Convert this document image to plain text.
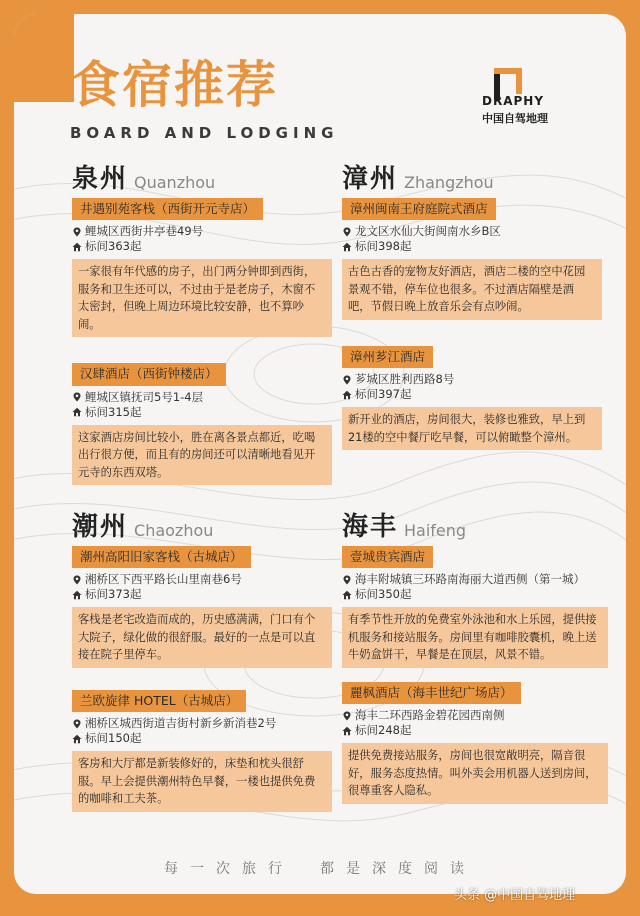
食宿推荐
BOARD AND LODGING
DRAPHY
中国自驾地理
泉州 Quanzhou
井遇别苑客栈（西街开元寺店）
鲤城区西街井亭巷49号
标间363起
一家很有年代感的房子，出门两分钟即到西街，服务和卫生还可以，不过由于是老房子，木窗不太密封，但晚上周边环境比较安静，也不算吵闹。
汉肆酒店（西街钟楼店）
鲤城区镇抚司5号1-4层
标间315起
这家酒店房间比较小，胜在离各景点都近，吃喝出行很方便，而且有的房间还可以清晰地看见开元寺的东西双塔。
漳州 Zhangzhou
漳州闽南王府庭院式酒店
龙文区水仙大街闽南水乡B区
标间398起
古色古香的宠物友好酒店，酒店二楼的空中花园景观不错，停车位也很多。不过酒店隔壁是酒吧，节假日晚上放音乐会有点吵闹。
漳州芗江酒店
芗城区胜利西路8号
标间397起
新开业的酒店，房间很大，装修也雅致，早上到21楼的空中餐厅吃早餐，可以俯瞰整个漳州。
潮州 Chaozhou
潮州高阳旧家客栈（古城店）
湘桥区下西平路长山里南巷6号
标间373起
客栈是老宅改造而成的，历史感满满，门口有个大院子，绿化做的很舒服。最好的一点是可以直接在院子里停车。
兰欧旋律 HOTEL（古城店）
湘桥区城西街道吉街村新乡新消巷2号
标间150起
客房和大厅都是新装修好的，床垫和枕头很舒服。早上会提供潮州特色早餐，一楼也提供免费的咖啡和工夫茶。
海丰 Haifeng
壹城贵宾酒店
海丰附城镇三环路南海丽大道西侧（第一城）
标间350起
有季节性开放的免费室外泳池和水上乐园，提供接机服务和接站服务。房间里有咖啡胶囊机，晚上送牛奶盒饼干，早餐是在顶层，风景不错。
麗枫酒店（海丰世纪广场店）
海丰二环西路金碧花园西南侧
标间248起
提供免费接站服务，房间也很宽敞明亮，隔音很好，服务态度热情。叫外卖会用机器人送到房间，很尊重客人隐私。
每一次旅行　都是深度阅读
头条 @中国自驾地理
